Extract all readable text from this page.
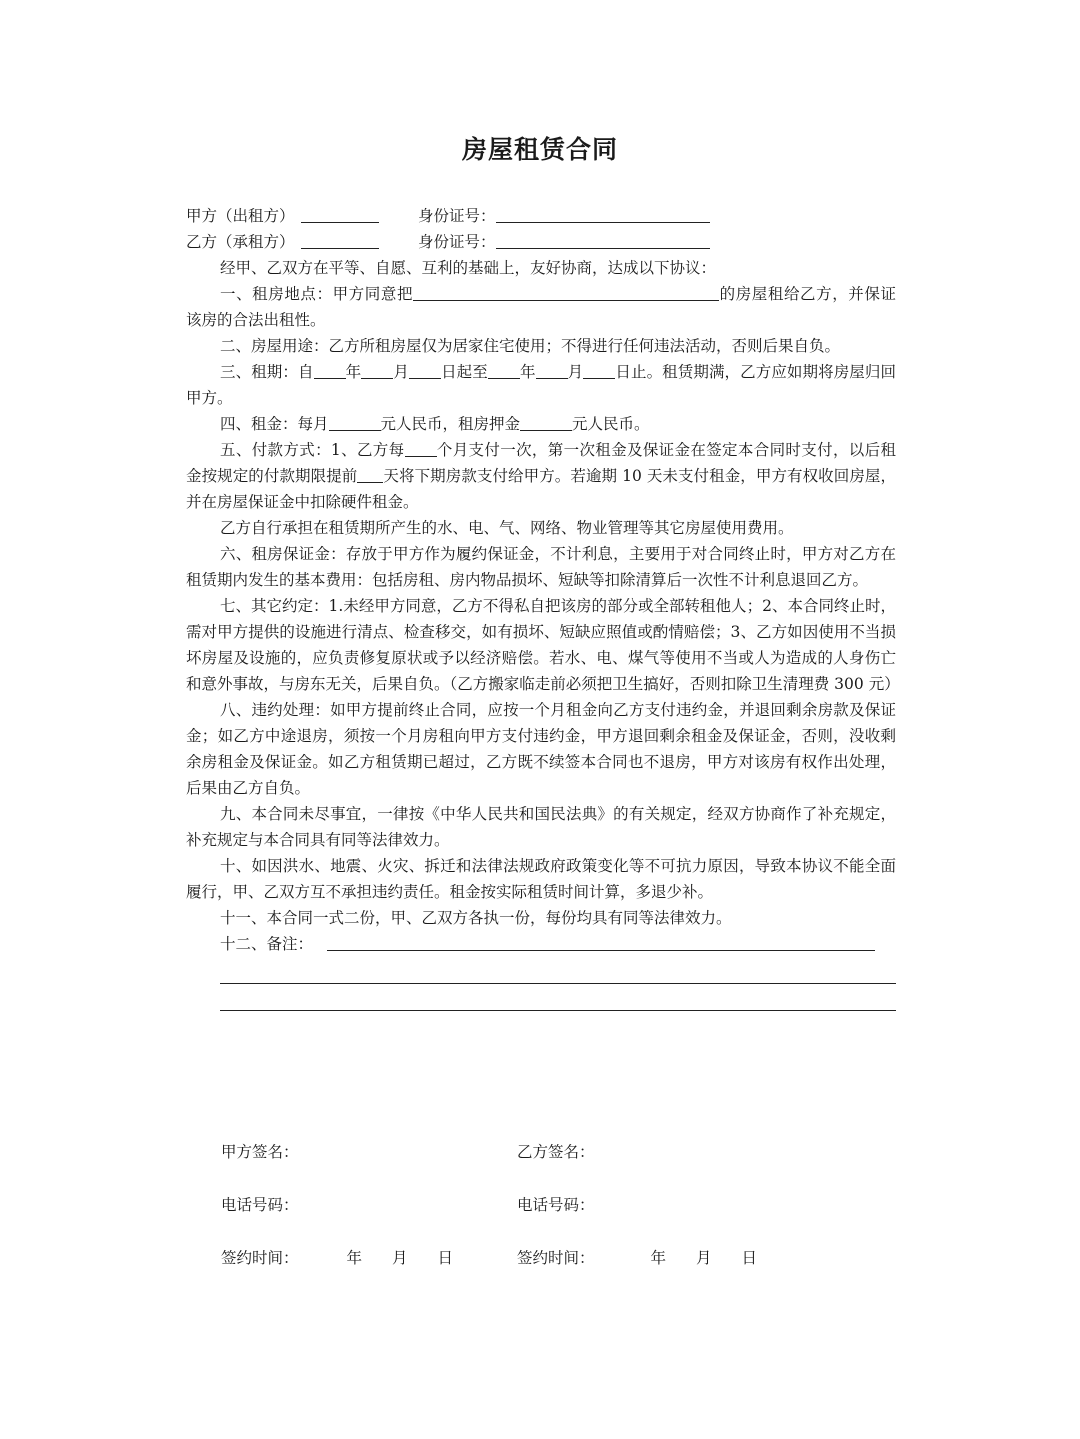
房屋租赁合同
甲方（出租方）	身份证号：
乙方（承租方）	身份证号：

经甲、乙双方在平等、自愿、互利的基础上，友好协商，达成以下协议：

一、租房地点：甲方同意把	的房屋租给乙方，并保证该房的合法出租性。

二、房屋用途：乙方所租房屋仅为居家住宅使用；不得进行任何违法活动，否则后果自负。

三、租期：自 年 月 日起至 年 月 日止。租赁期满，乙方应如期将房屋归回甲方。

四、租金：每月	元人民币，租房押金	元人民币。

五、付款方式：1、乙方每 个月支付一次，第一次租金及保证金在签定本合同时支付，以后租金按规定的付款期限提前 天将下期房款支付给甲方。若逾期 10 天未支付租金，甲方有权收回房屋，并在房屋保证金中扣除硬件租金。

乙方自行承担在租赁期所产生的水、电、气、网络、物业管理等其它房屋使用费用。

六、租房保证金：存放于甲方作为履约保证金，不计利息，主要用于对合同终止时，甲方对乙方在租赁期内发生的基本费用：包括房租、房内物品损坏、短缺等扣除清算后一次性不计利息退回乙方。

七、其它约定：1.未经甲方同意，乙方不得私自把该房的部分或全部转租他人；2、本合同终止时，需对甲方提供的设施进行清点、检查移交，如有损坏、短缺应照值或酌情赔偿；3、乙方如因使用不当损坏房屋及设施的，应负责修复原状或予以经济赔偿。若水、电、煤气等使用不当或人为造成的人身伤亡和意外事故，与房东无关，后果自负。（乙方搬家临走前必须把卫生搞好，否则扣除卫生清理费 300 元）

八、违约处理：如甲方提前终止合同，应按一个月租金向乙方支付违约金，并退回剩余房款及保证金；如乙方中途退房，须按一个月房租向甲方支付违约金，甲方退回剩余租金及保证金，否则，没收剩余房租金及保证金。如乙方租赁期已超过，乙方既不续签本合同也不退房，甲方对该房有权作出处理，后果由乙方自负。

九、本合同未尽事宜，一律按《中华人民共和国民法典》的有关规定，经双方协商作了补充规定，补充规定与本合同具有同等法律效力。

十、如因洪水、地震、火灾、拆迁和法律法规政府政策变化等不可抗力原因，导致本协议不能全面履行，甲、乙双方互不承担违约责任。租金按实际租赁时间计算，多退少补。

十一、本合同一式二份，甲、乙双方各执一份，每份均具有同等法律效力。

十二、备注：

甲方签名：	乙方签名：
电话号码：	电话号码：
签约时间：	年 月 日	签约时间：	年 月 日
